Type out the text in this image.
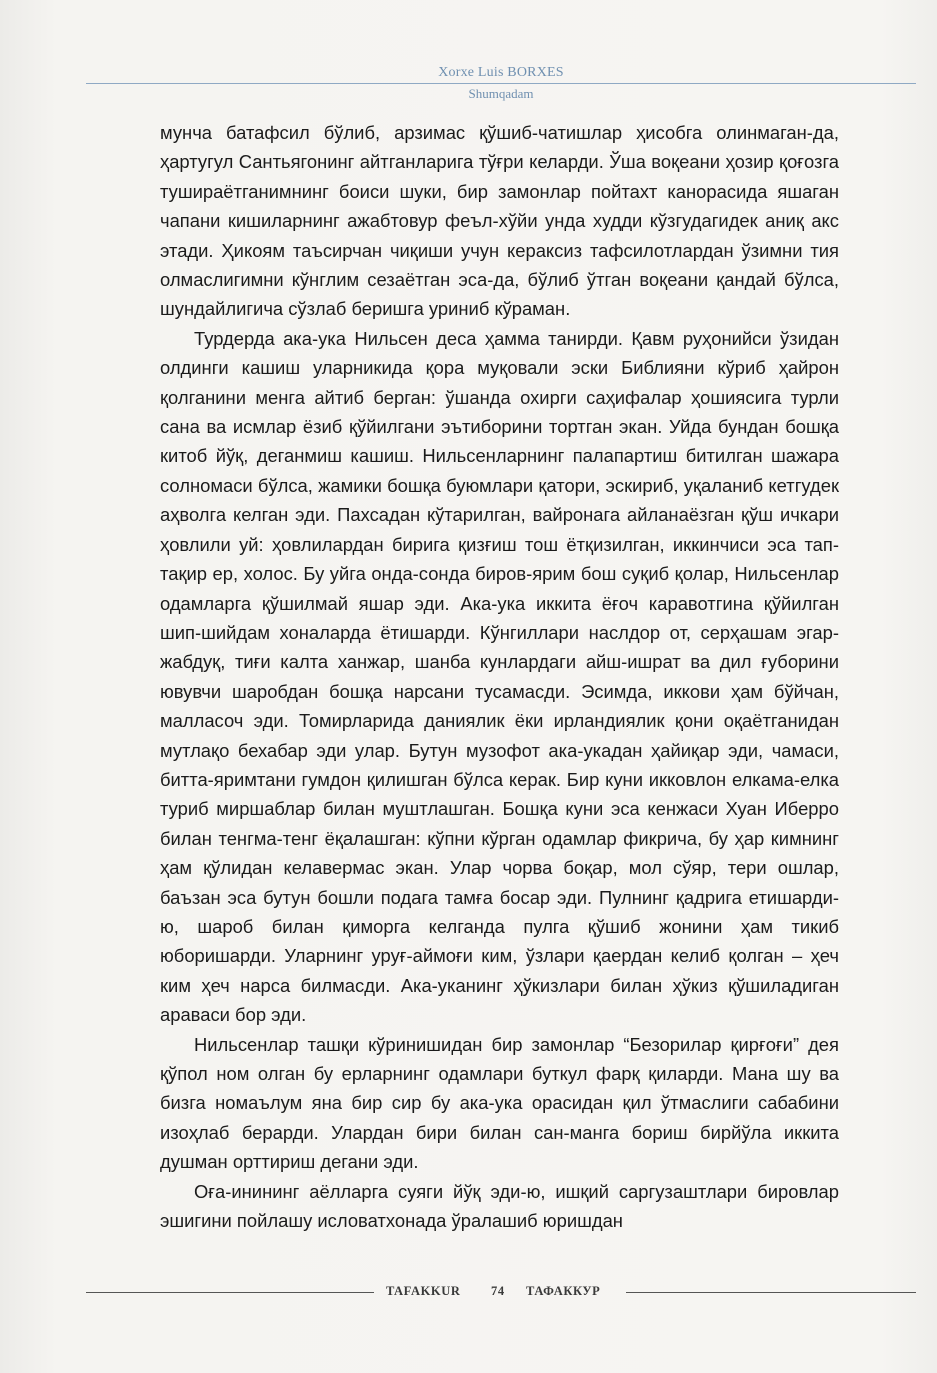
Xorxe Luis BORXES
Shumqadam

мунча батафсил бўлиб, арзимас қўшиб-чатишлар ҳисобга олинмаган-да, ҳартугул Сантьягонинг айтганларига тўғри келарди. Ўша воқеани ҳозир қоғозга тушираётганимнинг боиси шуки, бир замонлар пойтахт канорасида яшаган чапани кишиларнинг ажабтовур феъл-хўйи унда худди кўзгудагидек аниқ акс этади. Ҳикоям таъсирчан чиқиши учун кераксиз тафсилотлардан ўзимни тия олмаслигимни кўнглим сезаётган эса-да, бўлиб ўтган воқеани қандай бўлса, шундайлигича сўзлаб беришга уриниб кўраман.

Турдерда ака-ука Нильсен деса ҳамма танирди. Қавм руҳонийси ўзидан олдинги кашиш уларникида қора муқовали эски Библияни кўриб ҳайрон қолганини менга айтиб берган: ўшанда охирги саҳифалар ҳошиясига турли сана ва исмлар ёзиб қўйилгани эътиборини тортган экан. Уйда бундан бошқа китоб йўқ, деганмиш кашиш. Нильсенларнинг палапартиш битилган шажара солномаси бўлса, жамики бошқа буюмлари қатори, эскириб, уқаланиб кетгудек аҳволга келган эди. Пахсадан кўтарилган, вайронага айланаёзган қўш ичкари ҳовлили уй: ҳовлилардан бирига қизғиш тош ётқизилган, иккинчиси эса тап-тақир ер, холос. Бу уйга онда-сонда биров-ярим бош суқиб қолар, Нильсенлар одамларга қўшилмай яшар эди. Ака-ука иккита ёғоч каравотгина қўйилган шип-шийдам хоналарда ётишарди. Кўнгиллари наслдор от, серҳашам эгар-жабдуқ, тиғи калта ханжар, шанба кунлардаги айш-ишрат ва дил ғуборини ювувчи шаробдан бошқа нарсани тусамасди. Эсимда, иккови ҳам бўйчан, малласоч эди. Томирларида даниялик ёки ирландиялик қони оқаётганидан мутлақо бехабар эди улар. Бутун музофот ака-укадан ҳайиқар эди, чамаси, битта-яримтани гумдон қилишган бўлса керак. Бир куни икковлон елкама-елка туриб миршаблар билан муштлашган. Бошқа куни эса кенжаси Хуан Иберро билан тенгма-тенг ёқалашган: кўпни кўрган одамлар фикрича, бу ҳар кимнинг ҳам қўлидан келавермас экан. Улар чорва боқар, мол сўяр, тери ошлар, баъзан эса бутун бошли подага тамға босар эди. Пулнинг қадрига етишарди-ю, шароб билан қиморга келганда пулга қўшиб жонини ҳам тикиб юборишарди. Уларнинг уруғ-аймоғи ким, ўзлари қаердан келиб қолган – ҳеч ким ҳеч нарса билмасди. Ака-уканинг ҳўкизлари билан ҳўкиз қўшиладиган араваси бор эди.

Нильсенлар ташқи кўринишидан бир замонлар “Безорилар қирғоғи” дея қўпол ном олган бу ерларнинг одамлари буткул фарқ қиларди. Мана шу ва бизга номаълум яна бир сир бу ака-ука орасидан қил ўтмаслиги сабабини изоҳлаб берарди. Улардан бири билан сан-манга бориш бирйўла иккита душман орттириш дегани эди.

Оға-инининг аёлларга суяги йўқ эди-ю, ишқий саргузаштлари бировлар эшигини пойлашу исловатхонада ўралашиб юришдан

TAFAKKUR 74 ТАФАККУР
